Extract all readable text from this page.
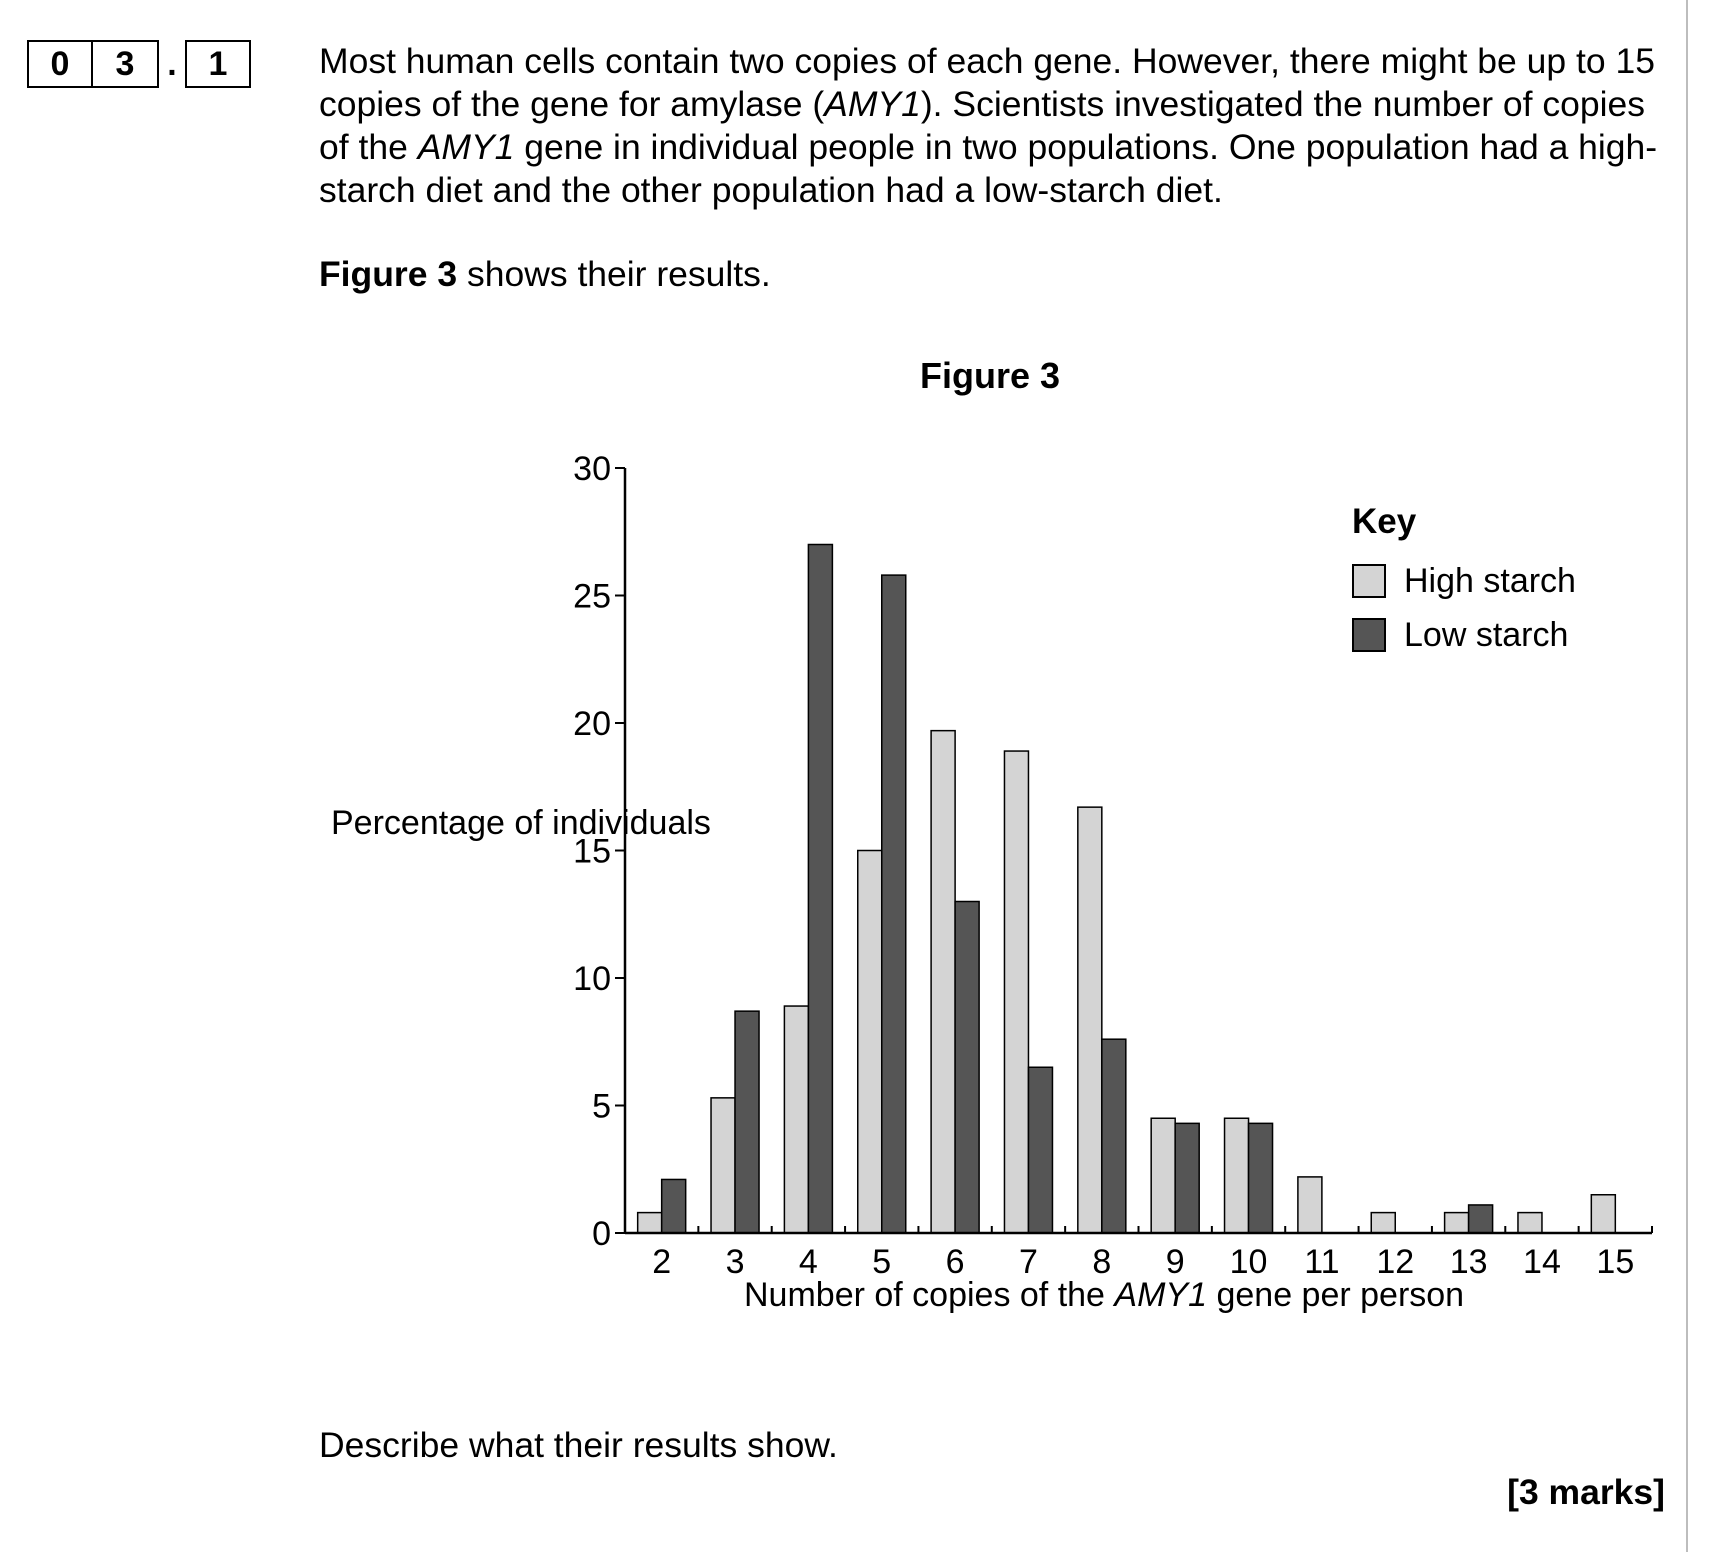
0	3 . 1	Most human cells contain two copies of each gene. However, there might be up to 15 copies of the gene for amylase (AMY1). Scientists investigated the number of copies of the AMY1 gene in individual people in two populations. One population had a high-starch diet and the other population had a low-starch diet.
Figure 3 shows their results.
Figure 3
0
5
10
15
20
25
30
2 3 4 5 6 7 8 9 10 11 12 13 14 15
Percentage of individuals
Number of copies of the AMY1 gene per person
Key
High starch
Low starch
Describe what their results show.
[3 marks]
